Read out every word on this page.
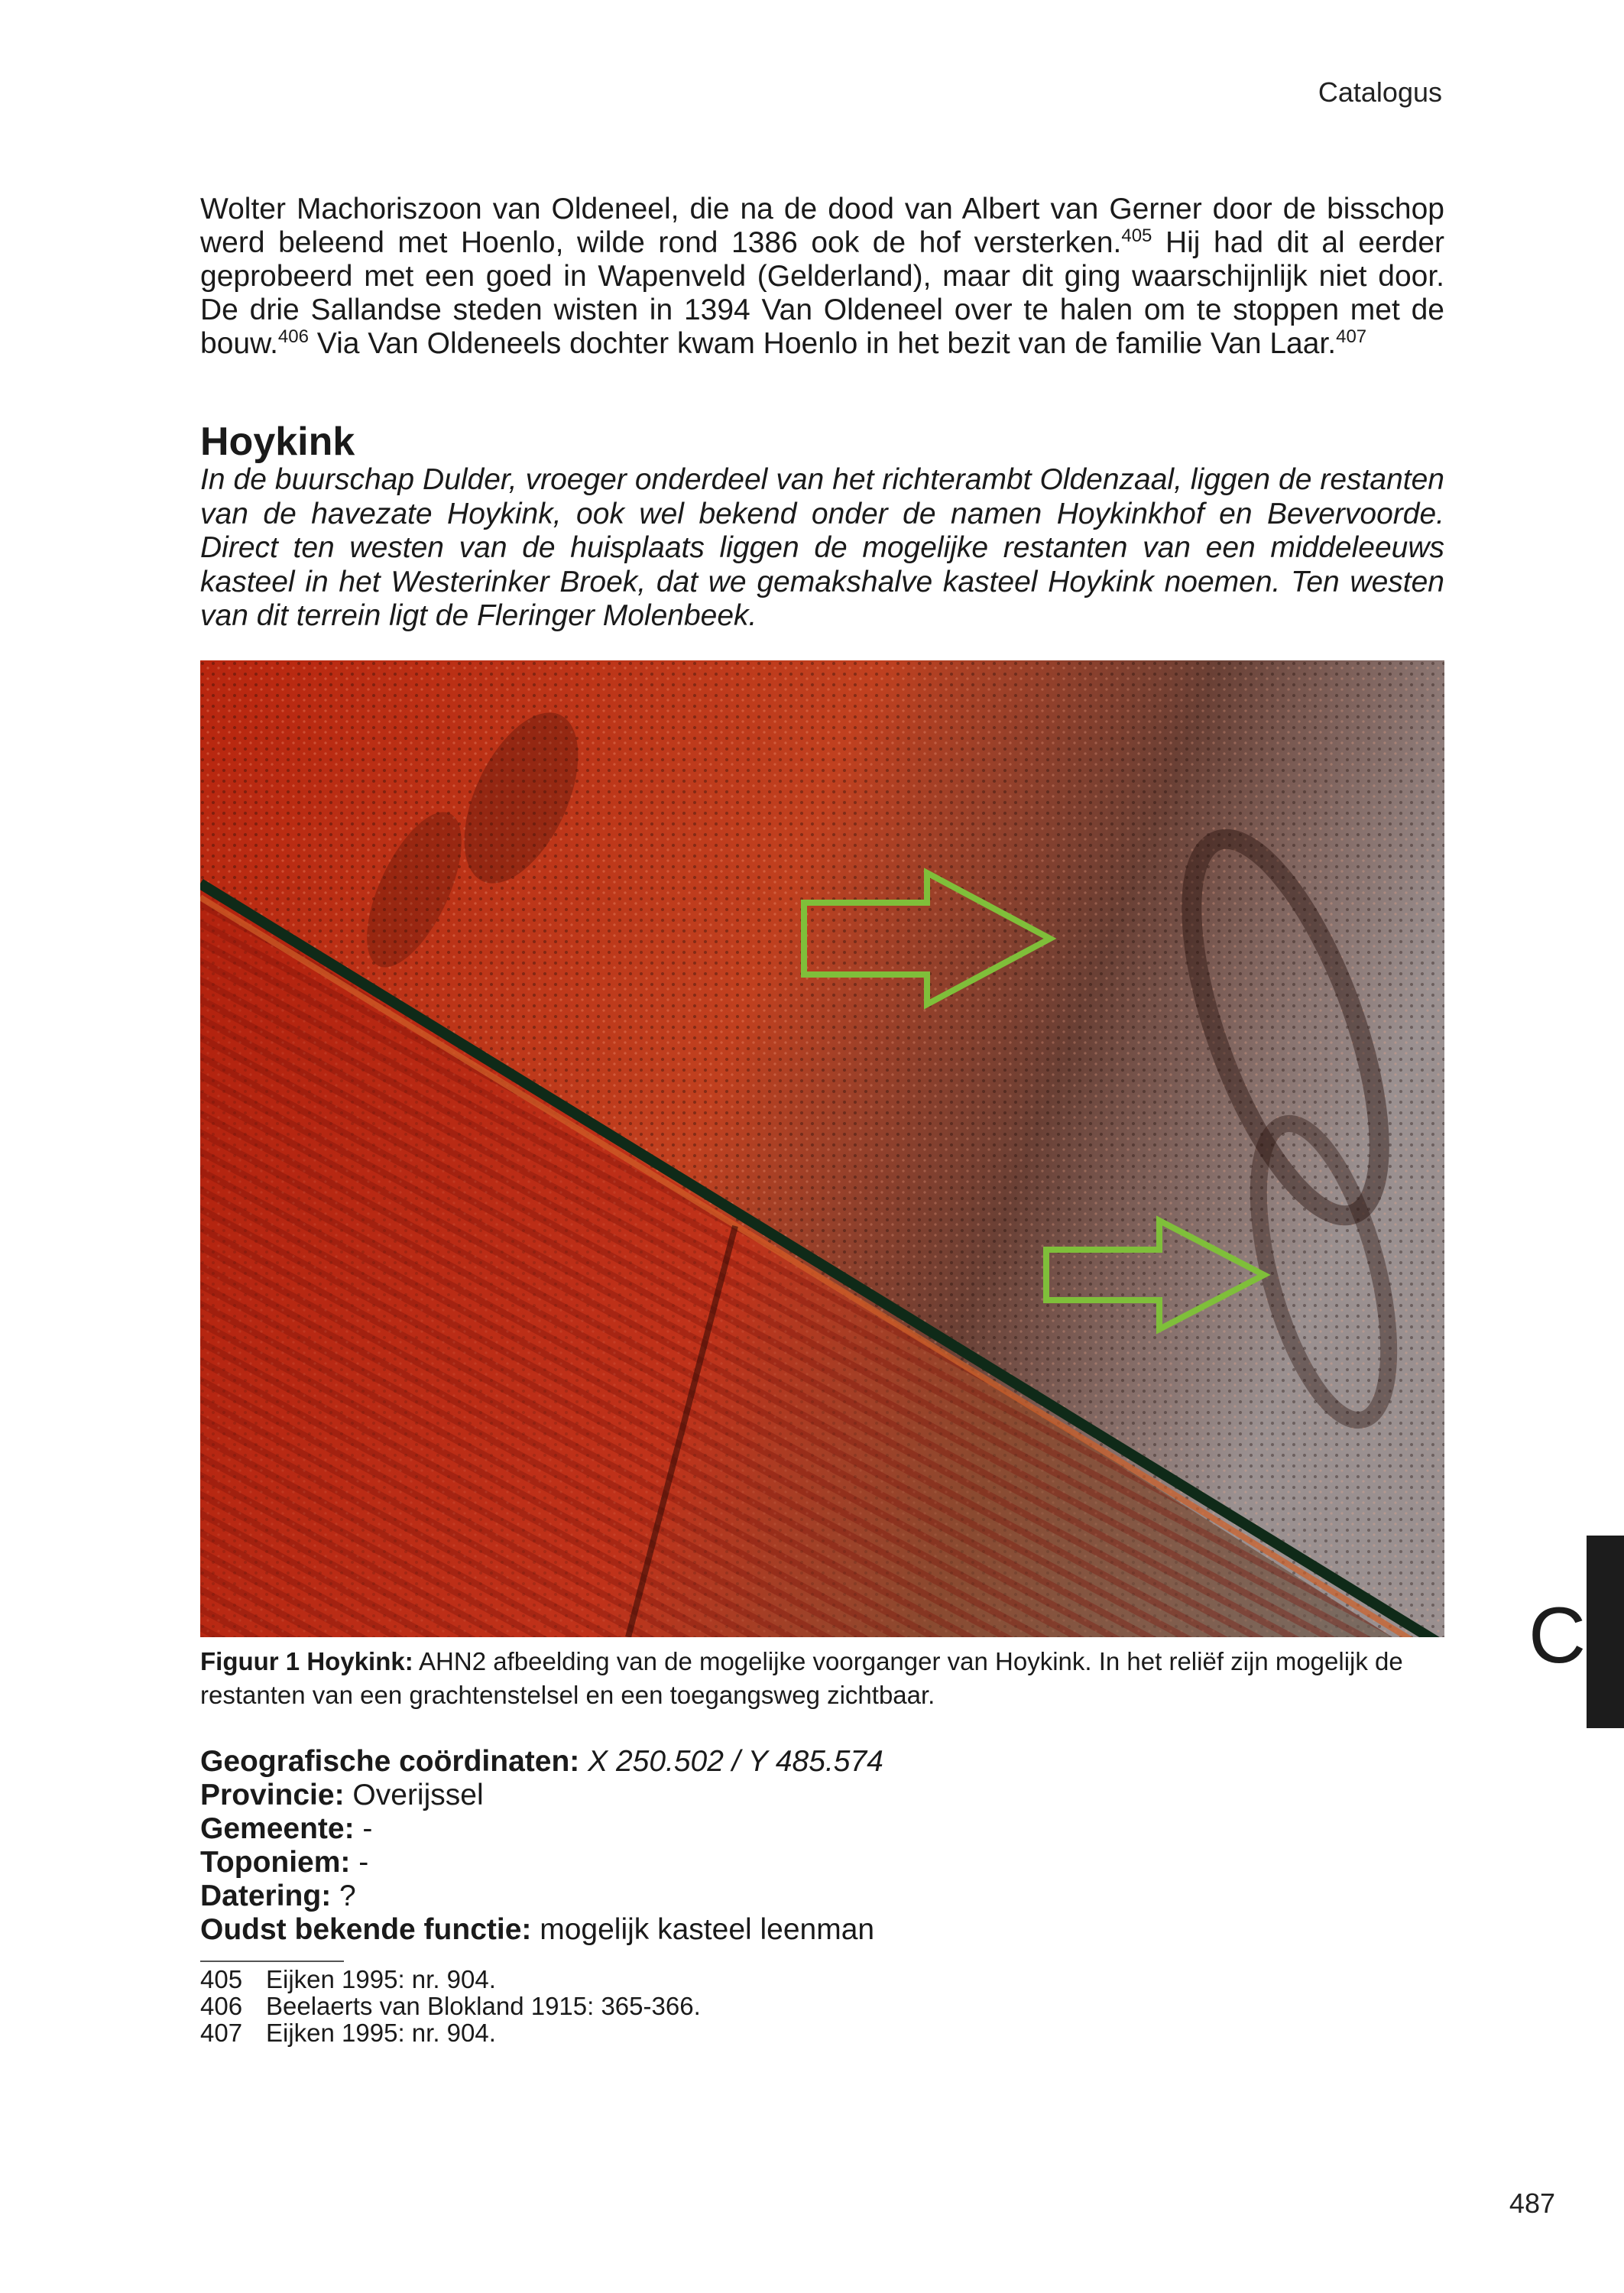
Catalogus

Wolter Machoriszoon van Oldeneel, die na de dood van Albert van Gerner door de bisschop werd beleend met Hoenlo, wilde rond 1386 ook de hof versterken.$^{405}$ Hij had dit al eerder geprobeerd met een goed in Wapenveld (Gelderland), maar dit ging waarschijnlijk niet door. De drie Sallandse steden wisten in 1394 Van Oldeneel over te halen om te stoppen met de bouw.$^{406}$ Via Van Oldeneels dochter kwam Hoenlo in het bezit van de familie Van Laar.$^{407}$

Hoykink

In de buurschap Dulder, vroeger onderdeel van het richterambt Oldenzaal, liggen de restanten van de havezate Hoykink, ook wel bekend onder de namen Hoykinkhof en Bevervoorde. Direct ten westen van de huisplaats liggen de mogelijke restanten van een middeleeuws kasteel in het Westerinker Broek, dat we gemakshalve kasteel Hoykink noemen. Ten westen van dit terrein ligt de Fleringer Molenbeek.

Figuur 1 Hoykink: AHN2 afbeelding van de mogelijke voorganger van Hoykink. In het reliëf zijn mogelijk de restanten van een grachtenstelsel en een toegangsweg zichtbaar.

Geografische coördinaten: X 250.502 / Y 485.574
Provincie: Overijssel
Gemeente: -
Toponiem: -
Datering: ?
Oudst bekende functie: mogelijk kasteel leenman
405 Eijken 1995: nr. 904.
406 Beelaerts van Blokland 1915: 365-366.
407 Eijken 1995: nr. 904.
C
487
